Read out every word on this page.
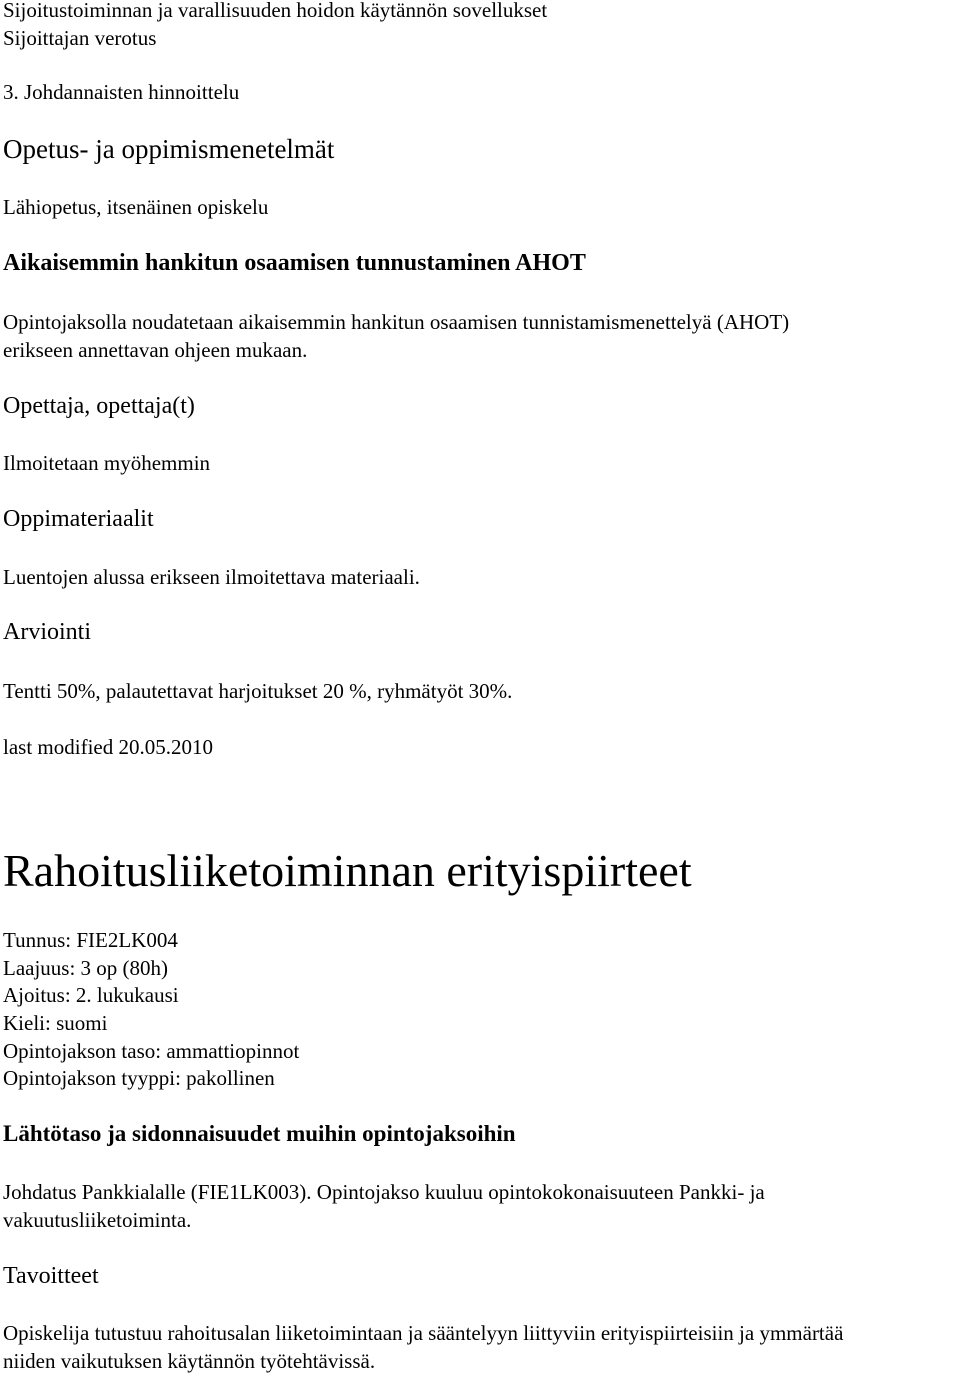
Sijoitustoiminnan ja varallisuuden hoidon käytännön sovellukset

Sijoittajan verotus

3. Johdannaisten hinnoittelu

Opetus- ja oppimismenetelmät

Lähiopetus, itsenäinen opiskelu

Aikaisemmin hankitun osaamisen tunnustaminen AHOT

Opintojaksolla noudatetaan aikaisemmin hankitun osaamisen tunnistamismenettelyä (AHOT)

erikseen annettavan ohjeen mukaan.

Opettaja, opettaja(t)

Ilmoitetaan myöhemmin

Oppimateriaalit

Luentojen alussa erikseen ilmoitettava materiaali.

Arviointi

Tentti 50%, palautettavat harjoitukset 20 %, ryhmätyöt 30%.

last modified 20.05.2010

Rahoitusliiketoiminnan erityispiirteet

Tunnus: FIE2LK004

Laajuus: 3 op (80h)

Ajoitus: 2. lukukausi

Kieli: suomi

Opintojakson taso: ammattiopinnot

Opintojakson tyyppi: pakollinen

Lähtötaso ja sidonnaisuudet muihin opintojaksoihin

Johdatus Pankkialalle (FIE1LK003). Opintojakso kuuluu opintokokonaisuuteen Pankki- ja

vakuutusliiketoiminta.

Tavoitteet

Opiskelija tutustuu rahoitusalan liiketoimintaan ja sääntelyyn liittyviin erityispiirteisiin ja ymmärtää

niiden vaikutuksen käytännön työtehtävissä.
